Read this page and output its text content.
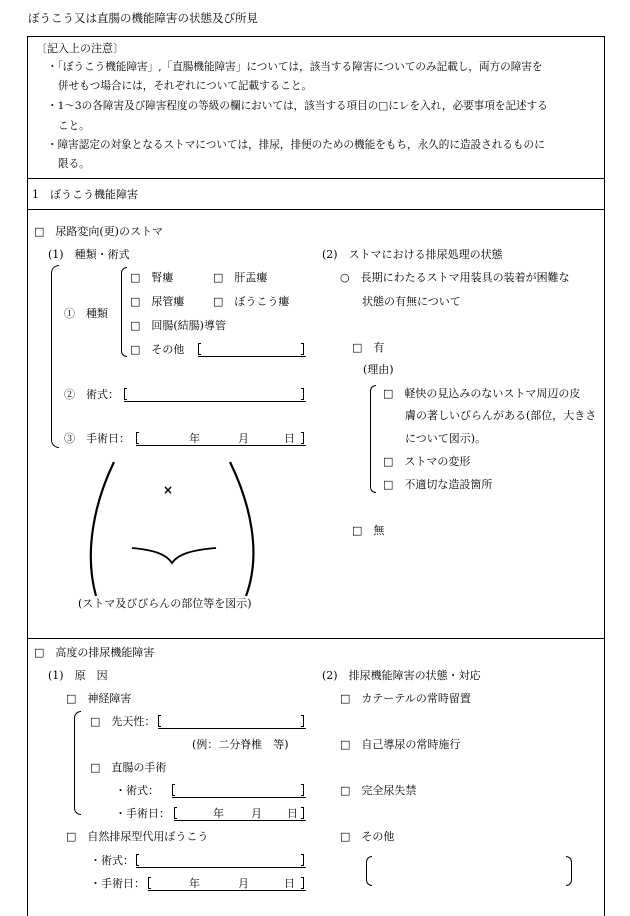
ぼうこう又は直腸の機能障害の状態及び所見
〔記入上の注意〕
・「ぼうこう機能障害」,「直腸機能障害」については，該当する障害についてのみ記載し，両方の障害を
併せもつ場合には，それぞれについて記載すること。
・1～3の各障害及び障害程度の等級の欄においては，該当する項目の□にレを入れ，必要事項を記述する
こと。
・障害認定の対象となるストマについては，排尿，排便のための機能をもち，永久的に造設されるものに
限る。
1　ぼうこう機能障害
□　尿路変向(更)のストマ
(1)　種類・術式
①　種類
□　腎瘻	□　肝盂瘻
□　尿管瘻	□　ぼうこう瘻
□　回腸(結腸)導管
□　その他
②　術式：
③　手術日：	年	月	日
×
(ストマ及びびらんの部位等を図示)
(2)　ストマにおける排尿処理の状態
○　長期にわたるストマ用装具の装着が困難な
状態の有無について
□　有
(理由)
□　軽快の見込みのないストマ周辺の皮
膚の著しいびらんがある(部位，大きさ
について図示)。
□　ストマの変形
□　不適切な造設箇所
□　無
□　高度の排尿機能障害
(1)　原　因
□　神経障害
□　先天性：
(例：二分脊椎　等)
□　直腸の手術
・術式：
・手術日：	年 月 日
□　自然排尿型代用ぼうこう
・術式：
・手術日：	年	月	日
(2)　排尿機能障害の状態・対応
□　カテーテルの常時留置
□　自己導尿の常時施行
□　完全尿失禁
□　その他
